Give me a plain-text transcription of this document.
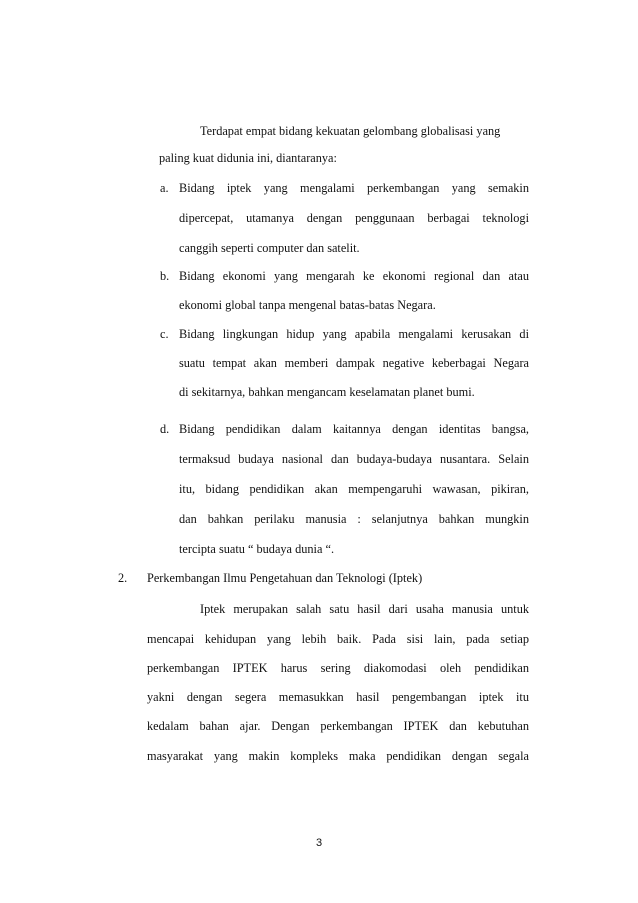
Terdapat empat bidang kekuatan gelombang globalisasi yang
paling kuat didunia ini, diantaranya:
a. Bidang iptek yang mengalami perkembangan yang semakin
dipercepat, utamanya dengan penggunaan berbagai teknologi
canggih seperti computer dan satelit.
b. Bidang ekonomi yang mengarah ke ekonomi regional dan atau
ekonomi global tanpa mengenal batas-batas Negara.
c. Bidang lingkungan hidup yang apabila mengalami kerusakan di
suatu tempat akan memberi dampak negative keberbagai Negara
di sekitarnya, bahkan mengancam keselamatan planet bumi.
d. Bidang pendidikan dalam kaitannya dengan identitas bangsa,
termaksud budaya nasional dan budaya-budaya nusantara. Selain
itu, bidang pendidikan akan mempengaruhi wawasan, pikiran,
dan bahkan perilaku manusia : selanjutnya bahkan mungkin
tercipta suatu “ budaya dunia “.
2. Perkembangan Ilmu Pengetahuan dan Teknologi (Iptek)
Iptek merupakan salah satu hasil dari usaha manusia untuk
mencapai kehidupan yang lebih baik. Pada sisi lain, pada setiap
perkembangan IPTEK harus sering diakomodasi oleh pendidikan
yakni dengan segera memasukkan hasil pengembangan iptek itu
kedalam bahan ajar. Dengan perkembangan IPTEK dan kebutuhan
masyarakat yang makin kompleks maka pendidikan dengan segala
3
